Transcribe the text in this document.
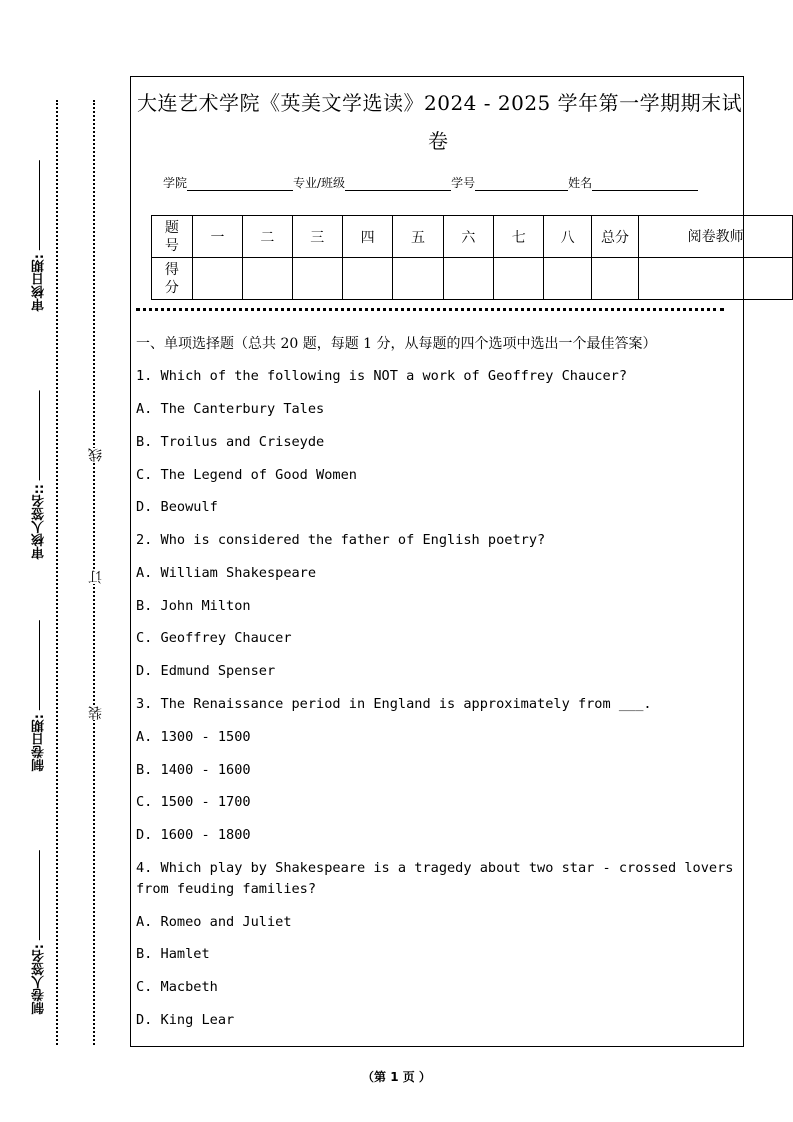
审核日期:
审核人签名::
制卷日期:
制卷人签名:
线
订
装
大连艺术学院《英美文学选读》2024 - 2025 学年第一学期期末试
卷
学院	专业/班级	学号	姓名
题号	一	二	三	四	五	六	七	八	总分	阅卷教师
得分										
一、单项选择题（总共 20 题，每题 1 分，从每题的四个选项中选出一个最佳答案）
1. Which of the following is NOT a work of Geoffrey Chaucer?
A. The Canterbury Tales
B. Troilus and Criseyde
C. The Legend of Good Women
D. Beowulf
2. Who is considered the father of English poetry?
A. William Shakespeare
B. John Milton
C. Geoffrey Chaucer
D. Edmund Spenser
3. The Renaissance period in England is approximately from ___.
A. 1300 - 1500
B. 1400 - 1600
C. 1500 - 1700
D. 1600 - 1800
4. Which play by Shakespeare is a tragedy about two star - crossed lovers from feuding families?
A. Romeo and Juliet
B. Hamlet
C. Macbeth
D. King Lear
（第 1 页 ）
